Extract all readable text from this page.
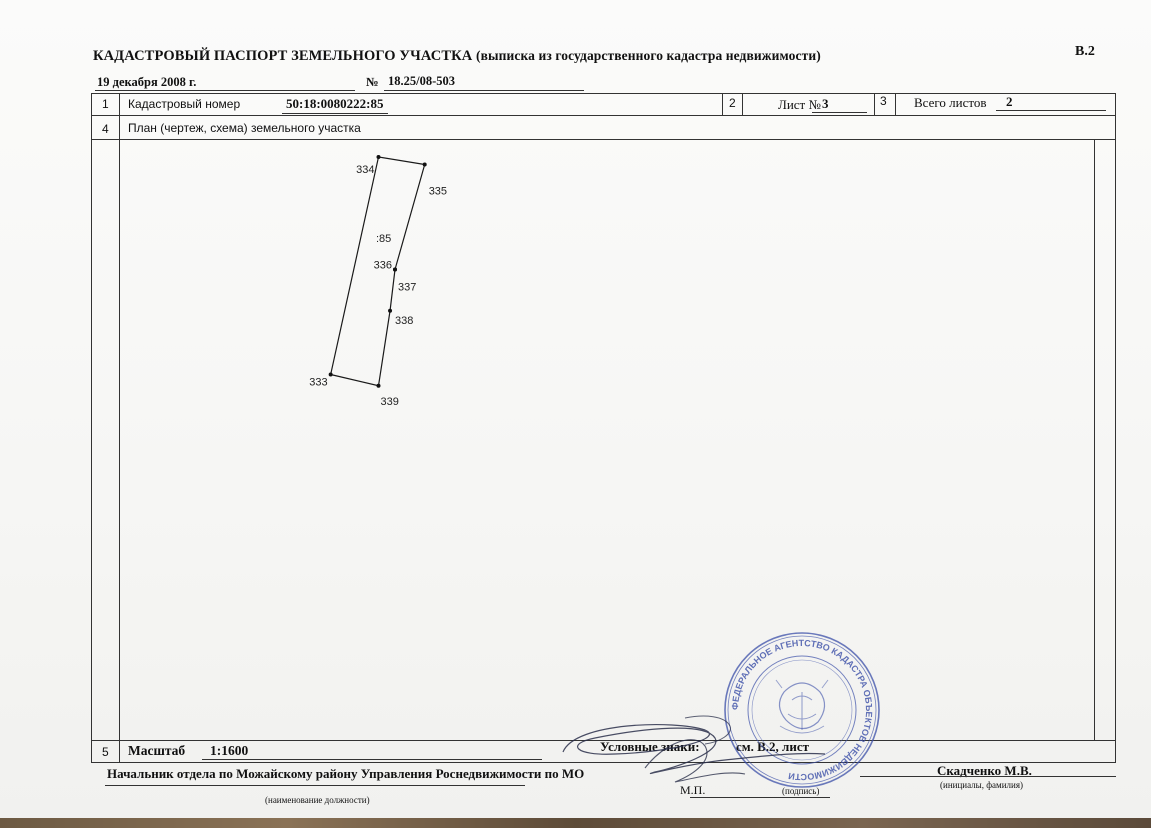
КАДАСТРОВЫЙ ПАСПОРТ ЗЕМЕЛЬНОГО УЧАСТКА (выписка из государственного кадастра недвижимости)	В.2
19 декабря 2008 г.	№ 18.25/08-503
1 Кадастровый номер	50:18:0080222:85	2	Лист № 3	3 Всего листов 2
4 План (чертеж, схема) земельного участка
334
335
336
337
338
339
333
:85
5 Масштаб 1:1600	Условные знаки:	см. В.2, лист
Начальник отдела по Можайскому району Управления Роснедвижимости по МО
(наименование должности)
М.П.	(подпись)
Скадченко М.В.
(инициалы, фамилия)
ФЕДЕРАЛЬНОЕ АГЕНТСТВО КАДАСТРА ОБЪЕКТОВ НЕДВИЖИМОСТИ
